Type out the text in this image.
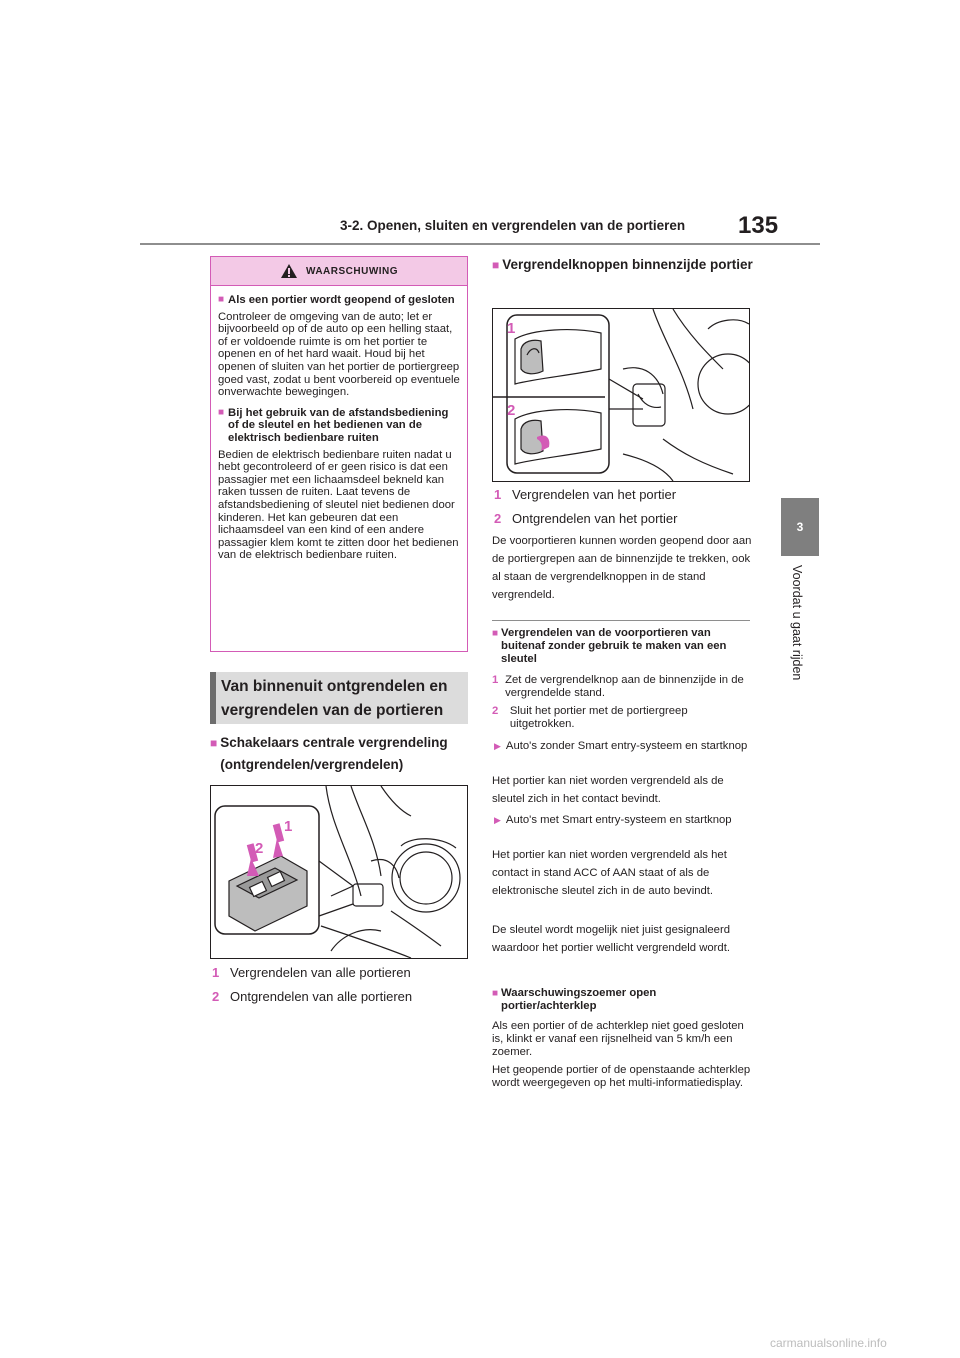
3-2. Openen, sluiten en vergrendelen van de portieren 135
3
Voordat u gaat rijden
WAARSCHUWING
■ Als een portier wordt geopend of gesloten
Controleer de omgeving van de auto; let er bijvoorbeeld op of de auto op een helling staat, of er voldoende ruimte is om het portier te openen en of het hard waait. Houd bij het openen of sluiten van het portier de portiergreep goed vast, zodat u bent voorbereid op eventuele onverwachte bewegingen.
■ Bij het gebruik van de afstandsbediening of de sleutel en het bedienen van de elektrisch bedienbare ruiten
Bedien de elektrisch bedienbare ruiten nadat u hebt gecontroleerd of er geen risico is dat een passagier met een lichaamsdeel bekneld kan raken tussen de ruiten. Laat tevens de afstandsbediening of sleutel niet bedienen door kinderen. Het kan gebeuren dat een lichaamsdeel van een kind of een andere passagier klem komt te zitten door het bedienen van de elektrisch bedienbare ruiten.
Van binnenuit ontgrendelen en vergrendelen van de portieren
■ Schakelaars centrale vergrendeling (ontgrendelen/vergrendelen)
1
2
1 Vergrendelen van alle portieren
2 Ontgrendelen van alle portieren
■ Vergrendelknoppen binnenzijde portier
1
2
1 Vergrendelen van het portier
2 Ontgrendelen van het portier
De voorportieren kunnen worden geopend door aan de portiergrepen aan de binnenzijde te trekken, ook al staan de vergrendelknoppen in de stand vergrendeld.
■ Vergrendelen van de voorportieren van buitenaf zonder gebruik te maken van een sleutel
1 Zet de vergrendelknop aan de binnenzijde in de vergrendelde stand.
2	Sluit het portier met de portiergreep uitgetrokken.
▶ Auto's zonder Smart entry-systeem en startknop
Het portier kan niet worden vergrendeld als de sleutel zich in het contact bevindt.
▶ Auto's met Smart entry-systeem en startknop
Het portier kan niet worden vergrendeld als het contact in stand ACC of AAN staat of als de elektronische sleutel zich in de auto bevindt.
De sleutel wordt mogelijk niet juist gesignaleerd waardoor het portier wellicht vergrendeld wordt.
■ Waarschuwingszoemer open portier/achterklep
Als een portier of de achterklep niet goed gesloten is, klinkt er vanaf een rijsnelheid van 5 km/h een zoemer.
Het geopende portier of de openstaande achterklep wordt weergegeven op het multi-informatiedisplay.
carmanualsonline.info
